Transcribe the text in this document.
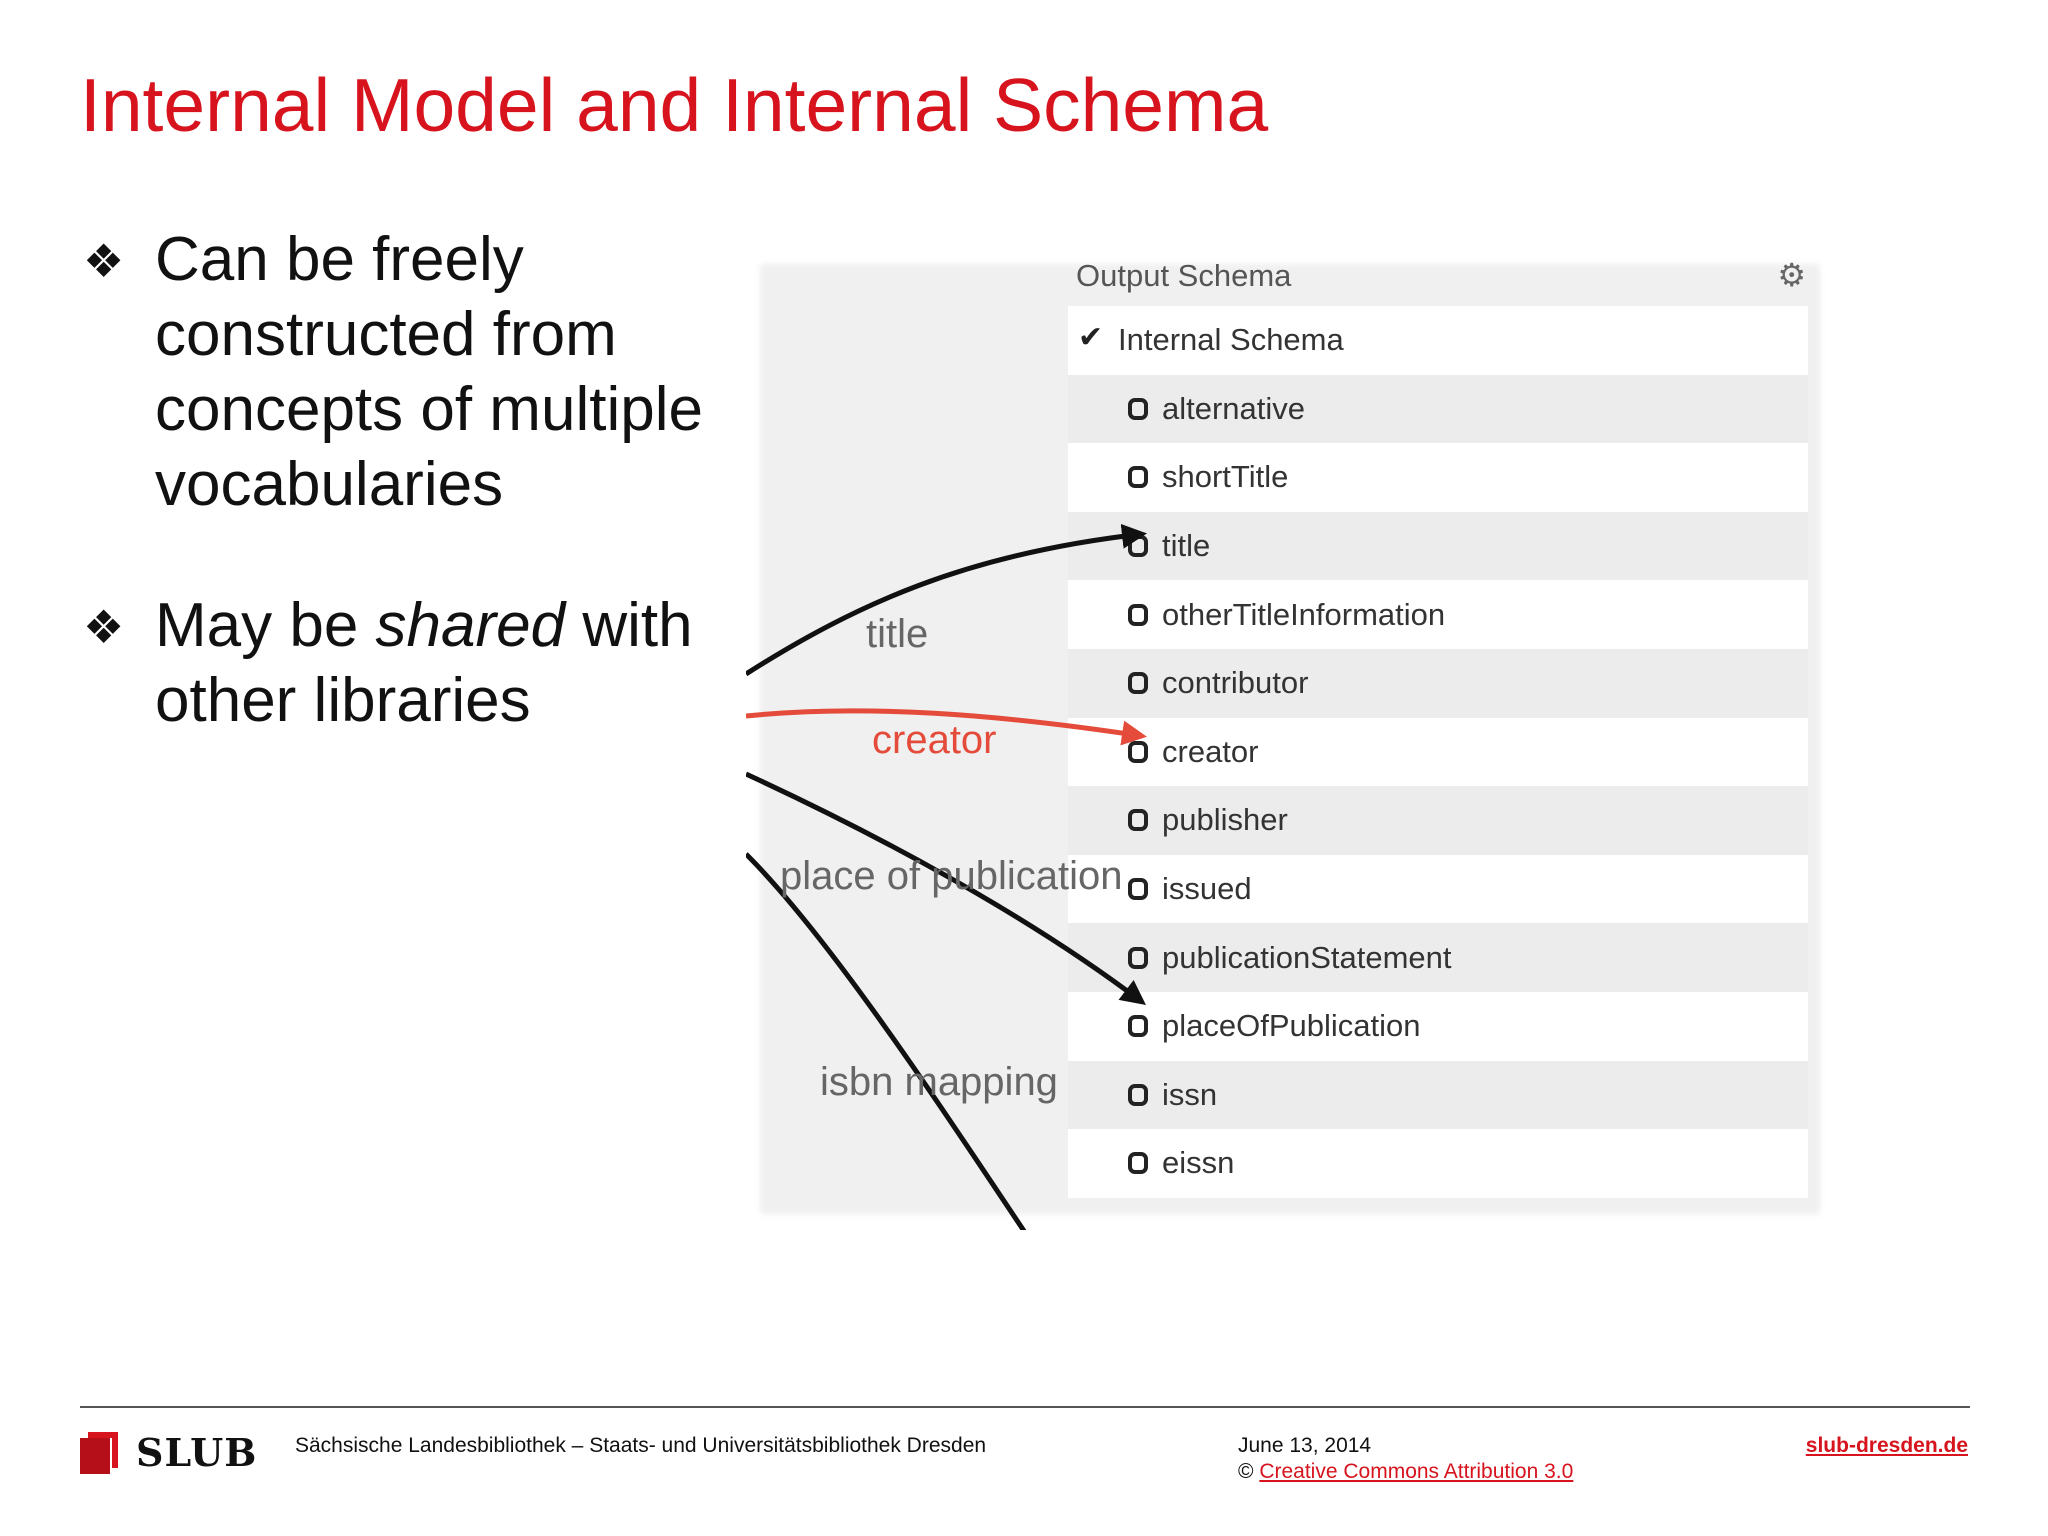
Internal Model and Internal Schema
❖ Can be freely constructed from concepts of multiple vocabularies
❖ May be shared with other libraries
Output Schema	⚙
✔ Internal Schema
alternative
shortTitle
title
otherTitleInformation
contributor
creator
publisher
issued
publicationStatement
placeOfPublication
issn
eissn
title
creator
place of publication
isbn mapping
SLUB Sächsische Landesbibliothek – Staats- und Universitätsbibliothek Dresden	June 13, 2014
© Creative Commons Attribution 3.0
slub-dresden.de
